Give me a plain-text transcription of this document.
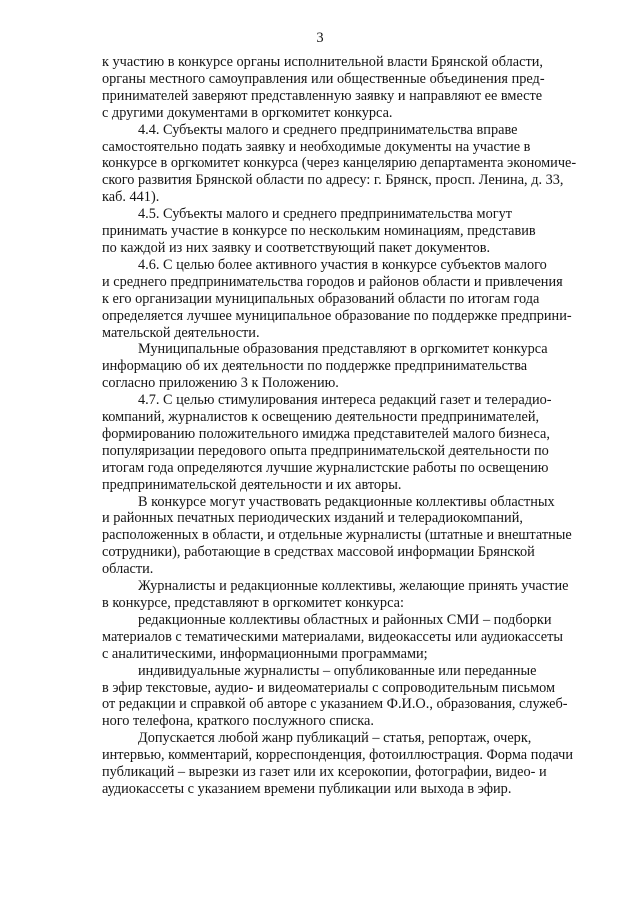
3

к участию в конкурсе органы исполнительной власти Брянской области,
органы местного самоуправления или общественные объединения пред-
принимателей заверяют представленную заявку и направляют ее вместе
с другими документами в оргкомитет конкурса.

4.4. Субъекты малого и среднего предпринимательства вправе
самостоятельно подать заявку и необходимые документы на участие в
конкурсе в оргкомитет конкурса (через канцелярию департамента экономиче-
ского развития Брянской области по адресу: г. Брянск, просп. Ленина, д. 33,
каб. 441).

4.5. Субъекты малого и среднего предпринимательства могут
принимать участие в конкурсе по нескольким номинациям, представив
по каждой из них заявку и соответствующий пакет документов.

4.6. С целью более активного участия в конкурсе субъектов малого
и среднего предпринимательства городов и районов области и привлечения
к его организации муниципальных образований области по итогам года
определяется лучшее муниципальное образование по поддержке предприни-
мательской деятельности.

Муниципальные образования представляют в оргкомитет конкурса
информацию об их деятельности по поддержке предпринимательства
согласно приложению 3 к Положению.

4.7. С целью стимулирования интереса редакций газет и телерадио-
компаний, журналистов к освещению деятельности предпринимателей,
формированию положительного имиджа представителей малого бизнеса,
популяризации передового опыта предпринимательской деятельности по
итогам года определяются лучшие журналистские работы по освещению
предпринимательской деятельности и их авторы.

В конкурсе могут участвовать редакционные коллективы областных
и районных печатных периодических изданий и телерадиокомпаний,
расположенных в области, и отдельные журналисты (штатные и внештатные
сотрудники), работающие в средствах массовой информации Брянской
области.

Журналисты и редакционные коллективы, желающие принять участие
в конкурсе, представляют в оргкомитет конкурса:

редакционные коллективы областных и районных СМИ – подборки
материалов с тематическими материалами, видеокассеты или аудиокассеты
с аналитическими, информационными программами;

индивидуальные журналисты – опубликованные или переданные
в эфир текстовые, аудио- и видеоматериалы с сопроводительным письмом
от редакции и справкой об авторе с указанием Ф.И.О., образования, служеб-
ного телефона, краткого послужного списка.

Допускается любой жанр публикаций – статья, репортаж, очерк,
интервью, комментарий, корреспонденция, фотоиллюстрация. Форма подачи
публикаций – вырезки из газет или их ксерокопии, фотографии, видео- и
аудиокассеты с указанием времени публикации или выхода в эфир.
